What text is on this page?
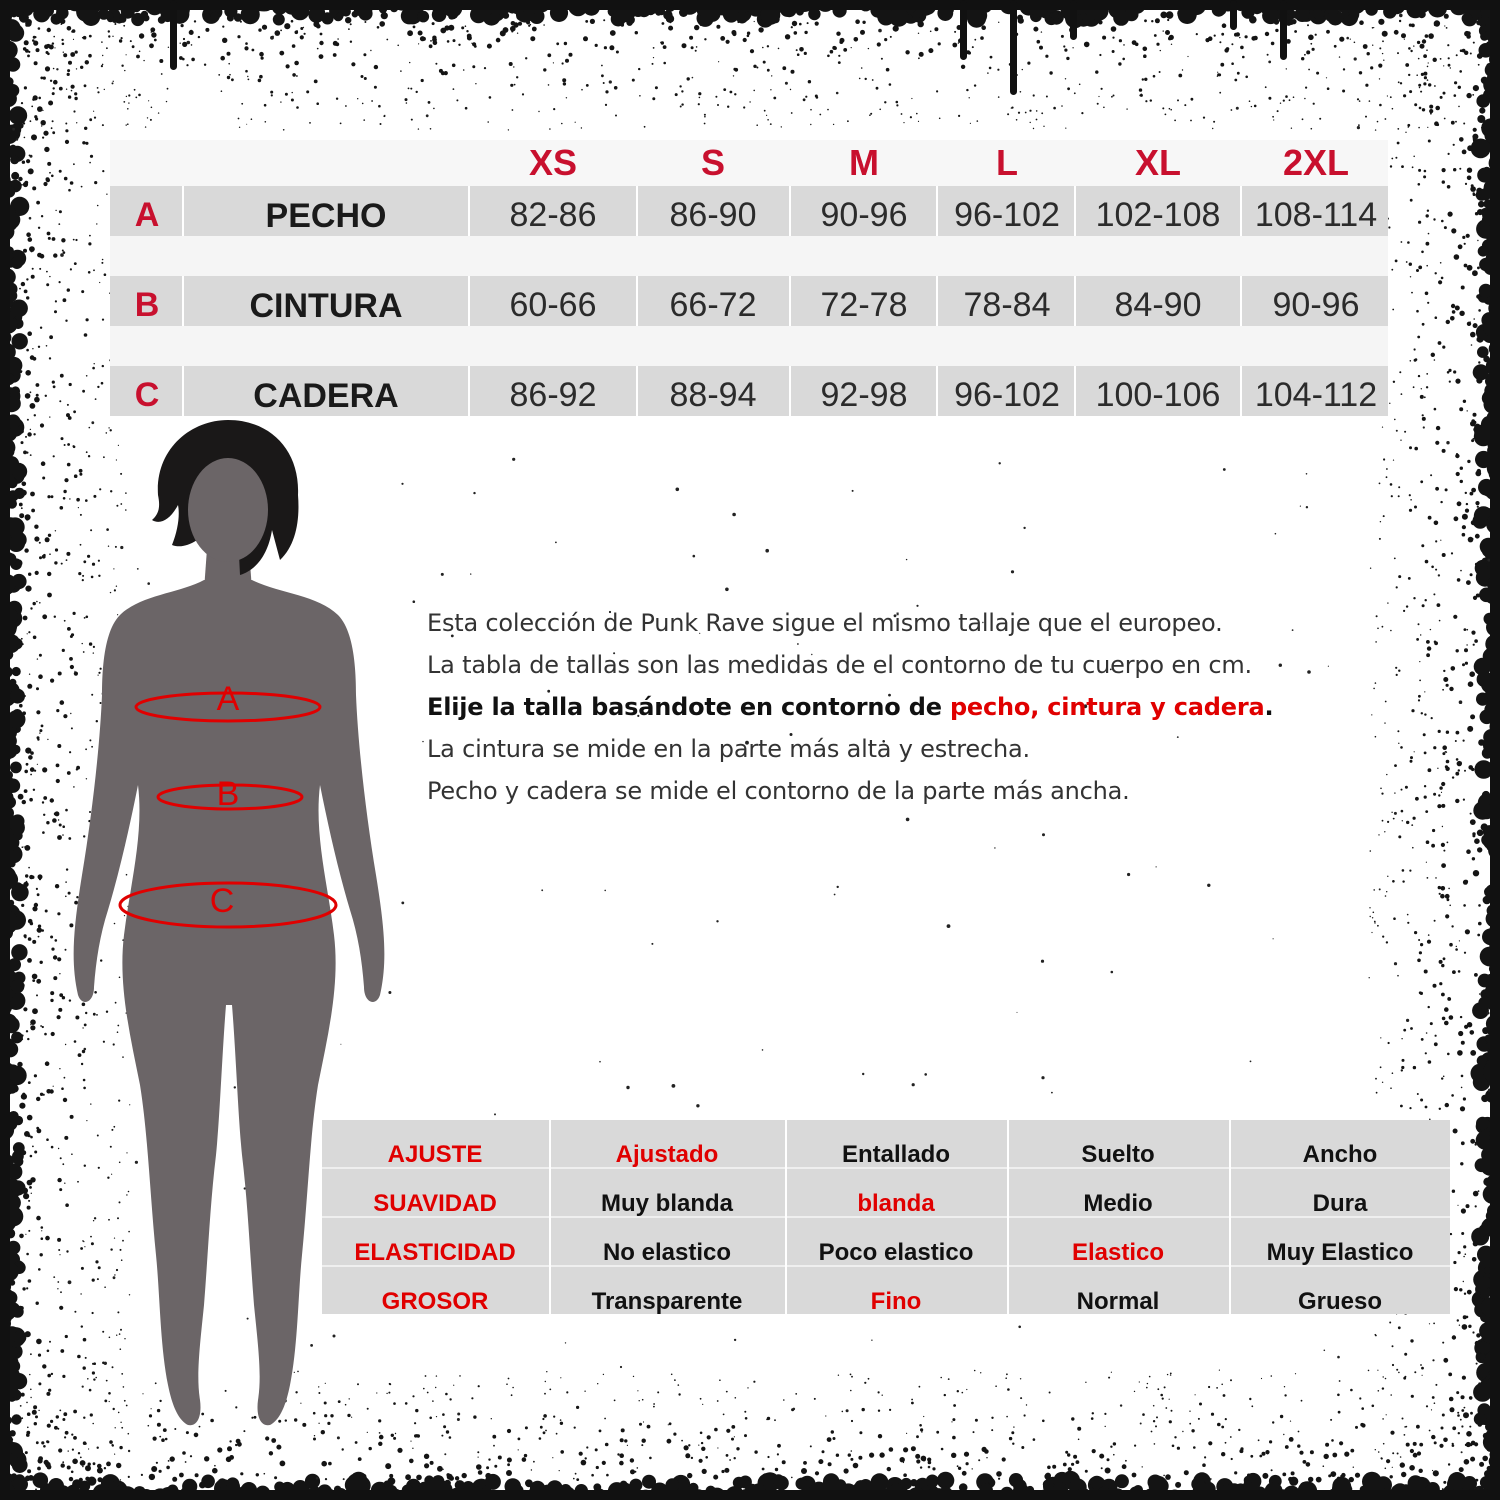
XS	S	M	L	XL	2XL
A	PECHO	82-86 86-90 90-96 96-102 102-108 108-114
B	CINTURA	60-66 66-72 72-78 78-84 84-90 90-96
C	CADERA	86-92 88-94 92-98 96-102 100-106 104-112
A
B
C

Esta colección de Punk Rave sigue el mismo tallaje que el europeo.

La tabla de tallas son las medidas de el contorno de tu cuerpo en cm.

Elije la talla basándote en contorno de pecho, cintura y cadera.

La cintura se mide en la parte más alta y estrecha.

Pecho y cadera se mide el contorno de la parte más ancha.

AJUSTE	Ajustado	Entallado	Suelto	Ancho
SUAVIDAD	Muy blanda	blanda	Medio	Dura
ELASTICIDAD	No elastico	Poco elastico	Elastico	Muy Elastico
GROSOR	Transparente	Fino	Normal	Grueso
